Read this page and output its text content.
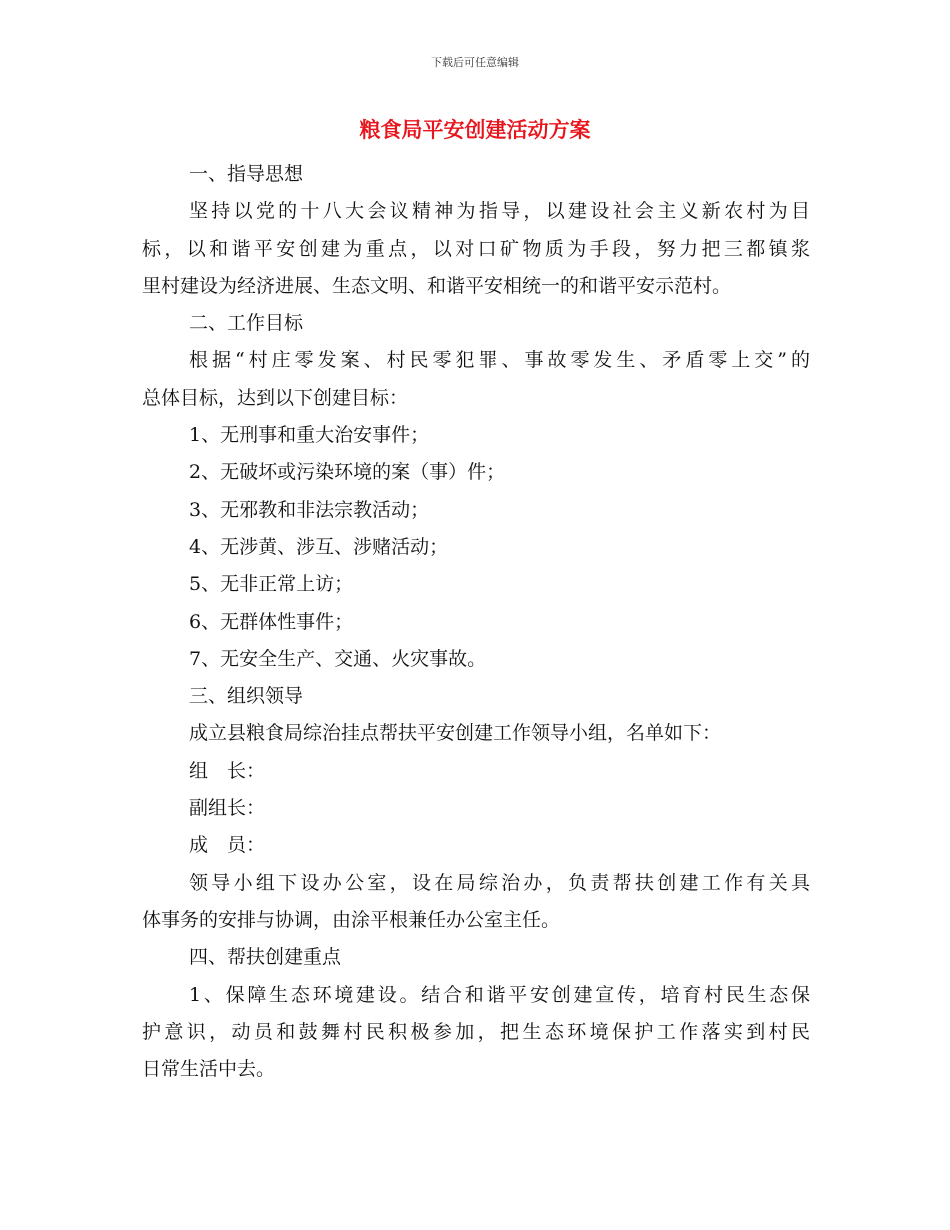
下载后可任意编辑
粮食局平安创建活动方案

一、指导思想

坚持以党的十八大会议精神为指导，以建设社会主义新农村为目

标，以和谐平安创建为重点，以对口矿物质为手段，努力把三都镇浆

里村建设为经济进展、生态文明、和谐平安相统一的和谐平安示范村。

二、工作目标

根据“村庄零发案、村民零犯罪、事故零发生、矛盾零上交”的

总体目标，达到以下创建目标：

1、无刑事和重大治安事件；

2、无破坏或污染环境的案（事）件；

3、无邪教和非法宗教活动；

4、无涉黄、涉互、涉赌活动；

5、无非正常上访；

6、无群体性事件；

7、无安全生产、交通、火灾事故。

三、组织领导

成立县粮食局综治挂点帮扶平安创建工作领导小组，名单如下：

组　长：

副组长：

成　员：

领导小组下设办公室，设在局综治办，负责帮扶创建工作有关具

体事务的安排与协调，由涂平根兼任办公室主任。

四、帮扶创建重点

1、保障生态环境建设。结合和谐平安创建宣传，培育村民生态保

护意识，动员和鼓舞村民积极参加，把生态环境保护工作落实到村民

日常生活中去。
